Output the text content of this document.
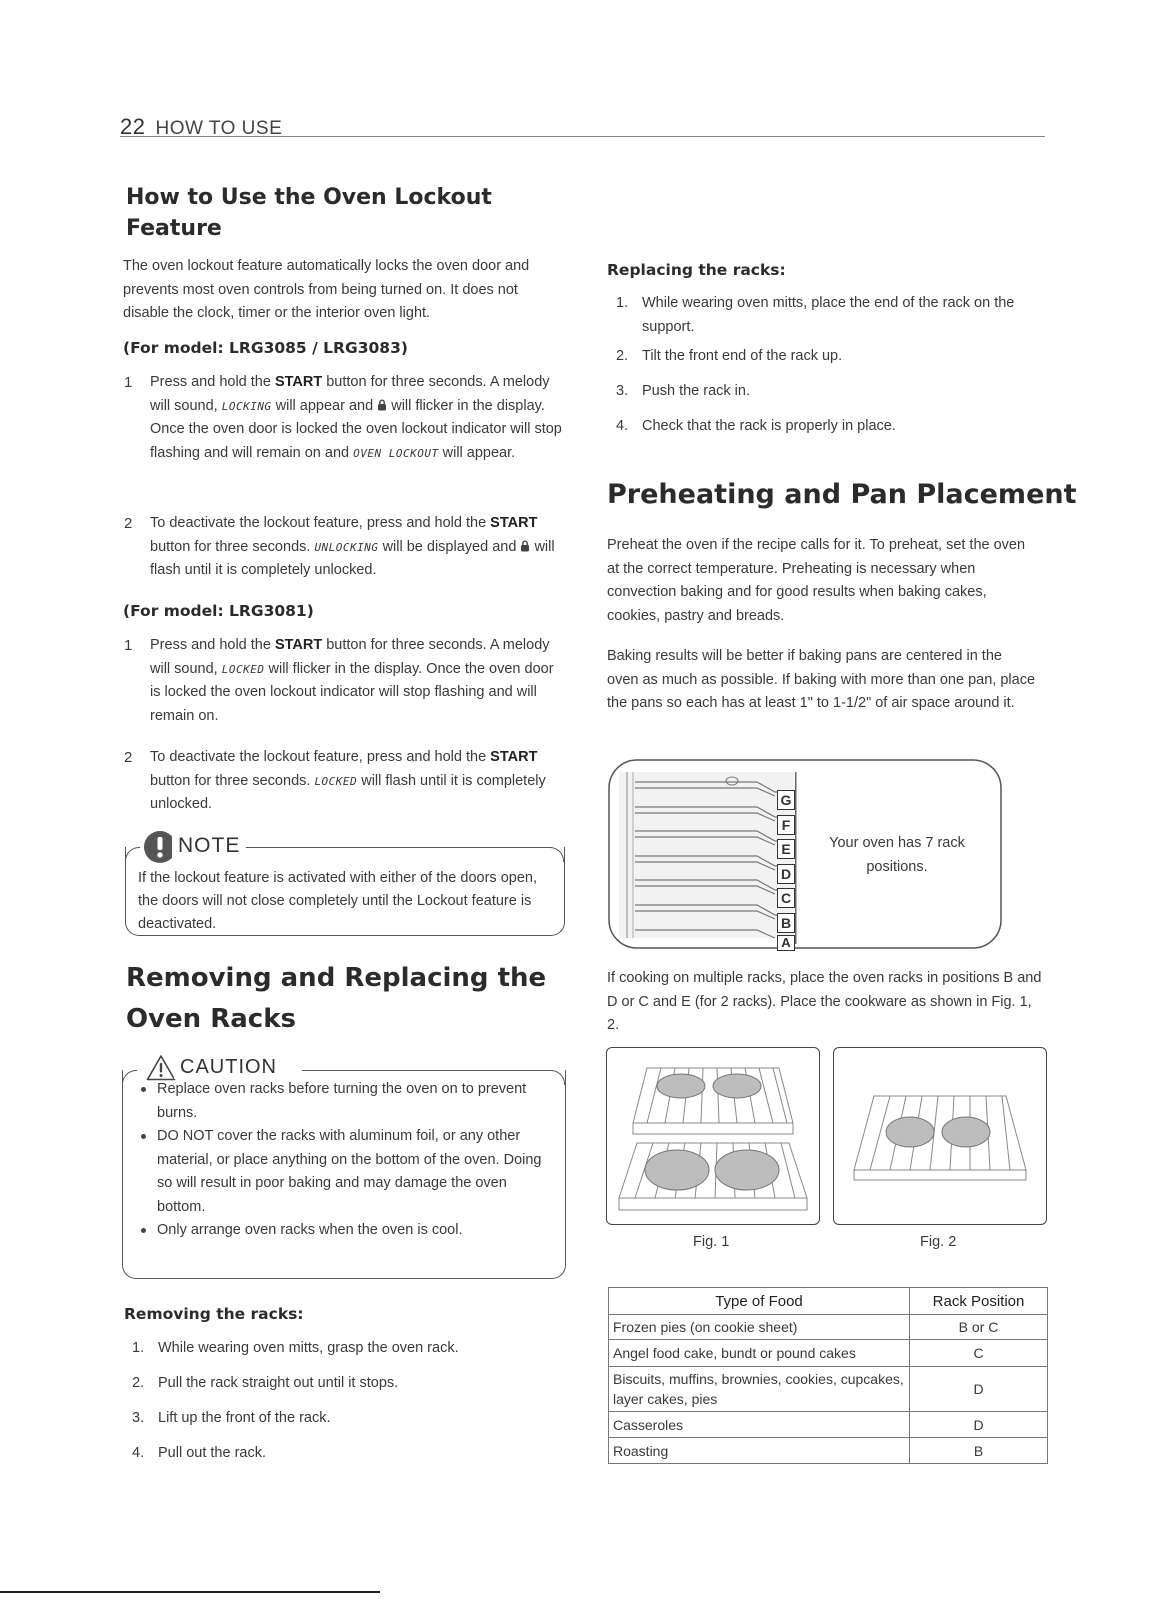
22 HOW TO USE
How to Use the Oven Lockout Feature
The oven lockout feature automatically locks the oven door and prevents most oven controls from being turned on. It does not disable the clock, timer or the interior oven light.
(For model: LRG3085 / LRG3083)
1 Press and hold the START button for three seconds. A melody will sound, LOCKING will appear and  will flicker in the display. Once the oven door is locked the oven lockout indicator will stop flashing and will remain on and OVEN LOCKOUT will appear.
2 To deactivate the lockout feature, press and hold the START button for three seconds. UNLOCKING will be displayed and  will flash until it is completely unlocked.
(For model: LRG3081)
1 Press and hold the START button for three seconds. A melody will sound, LOCKED will flicker in the display. Once the oven door is locked the oven lockout indicator will stop flashing and will remain on.
2 To deactivate the lockout feature, press and hold the START button for three seconds. LOCKED will flash until it is completely unlocked.
If the lockout feature is activated with either of the doors open, the doors will not close completely until the Lockout feature is deactivated.
NOTE
Removing and Replacing the Oven Racks
Replace oven racks before turning the oven on to prevent burns.
DO NOT cover the racks with aluminum foil, or any other material, or place anything on the bottom of the oven. Doing so will result in poor baking and may damage the oven bottom.
Only arrange oven racks when the oven is cool.
CAUTION
Removing the racks:
1. While wearing oven mitts, grasp the oven rack.
2. Pull the rack straight out until it stops.
3. Lift up the front of the rack.
4. Pull out the rack.
Replacing the racks:
1. While wearing oven mitts, place the end of the rack on the support.
2. Tilt the front end of the rack up.
3. Push the rack in.
4. Check that the rack is properly in place.
Preheating and Pan Placement
Preheat the oven if the recipe calls for it. To preheat, set the oven at the correct temperature. Preheating is necessary when convection baking and for good results when baking cakes, cookies, pastry and breads.
Baking results will be better if baking pans are centered in the oven as much as possible. If baking with more than one pan, place the pans so each has at least 1" to 1-1/2" of air space around it.
G
F
E
D
C
B
A
Your oven has 7 rack positions.
If cooking on multiple racks, place the oven racks in positions B and D or C and E (for 2 racks). Place the cookware as shown in Fig. 1, 2.
Fig. 1	Fig. 2
Type of Food	Rack Position
Frozen pies (on cookie sheet)	B or C
Angel food cake, bundt or pound cakes	C
Biscuits, muffins, brownies, cookies, cupcakes, layer cakes, pies	D
Casseroles	D
Roasting	B
